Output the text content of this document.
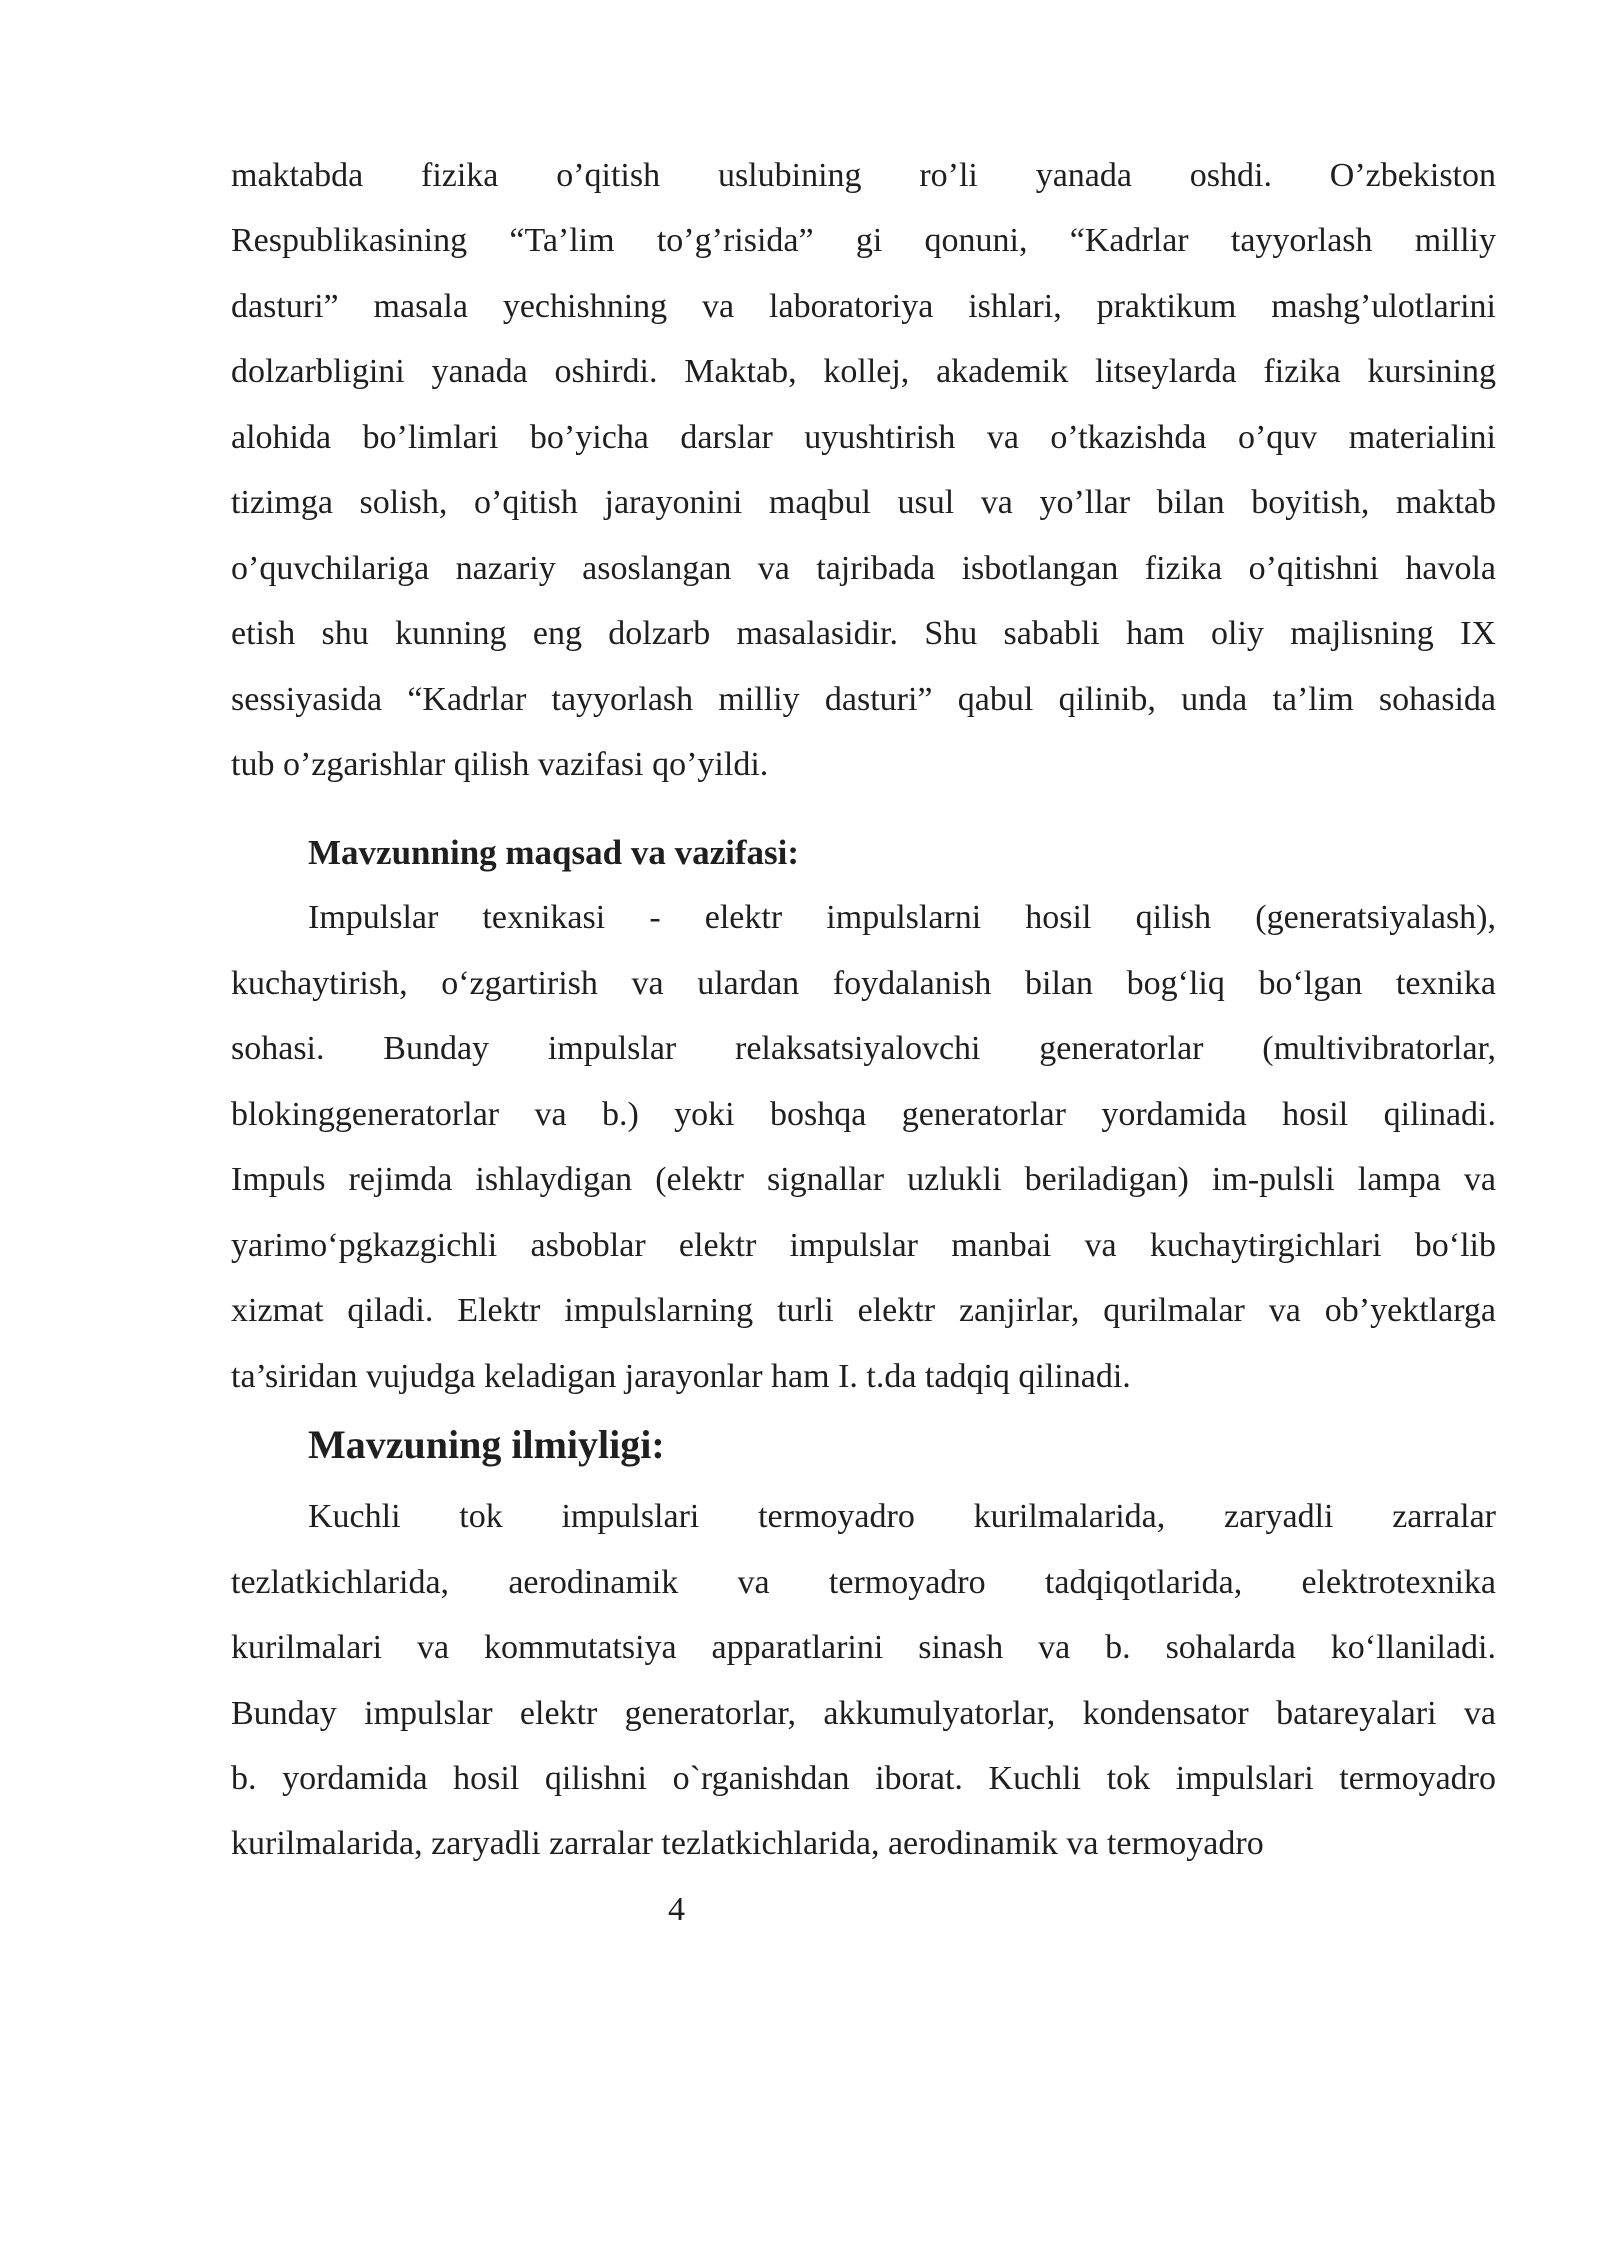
maktabda fizika o’qitish uslubining ro’li yanada oshdi. O’zbekiston
Respublikasining “Ta’lim to’g’risida” gi qonuni, “Kadrlar tayyorlash milliy
dasturi” masala yechishning va laboratoriya ishlari, praktikum mashg’ulotlarini
dolzarbligini yanada oshirdi. Maktab, kollej, akademik litseylarda fizika kursining
alohida bo’limlari bo’yicha darslar uyushtirish va o’tkazishda o’quv materialini
tizimga solish, o’qitish jarayonini maqbul usul va yo’llar bilan boyitish, maktab
o’quvchilariga nazariy asoslangan va tajribada isbotlangan fizika o’qitishni havola
etish shu kunning eng dolzarb masalasidir. Shu sababli ham oliy majlisning IX
sessiyasida “Kadrlar tayyorlash milliy dasturi” qabul qilinib, unda ta’lim sohasida
tub o’zgarishlar qilish vazifasi qo’yildi.
Mavzunning maqsad va vazifasi:
Impulslar texnikasi - elektr impulslarni hosil qilish (generatsiyalash),
kuchaytirish, o‘zgartirish va ulardan foydalanish bilan bog‘liq bo‘lgan texnika
sohasi. Bunday impulslar relaksatsiyalovchi generatorlar (multivibratorlar,
blokinggeneratorlar va b.) yoki boshqa generatorlar yordamida hosil qilinadi.
Impuls rejimda ishlaydigan (elektr signallar uzlukli beriladigan) im-pulsli lampa va
yarimo‘pgkazgichli asboblar elektr impulslar manbai va kuchaytirgichlari bo‘lib
xizmat qiladi. Elektr impulslarning turli elektr zanjirlar, qurilmalar va ob’yektlarga
ta’siridan vujudga keladigan jarayonlar ham I. t.da tadqiq qilinadi.
Mavzuning ilmiyligi:
Kuchli tok impulslari termoyadro kurilmalarida, zaryadli zarralar
tezlatkichlarida, aerodinamik va termoyadro tadqiqotlarida, elektrotexnika
kurilmalari va kommutatsiya apparatlarini sinash va b. sohalarda ko‘llaniladi.
Bunday impulslar elektr generatorlar, akkumulyatorlar, kondensator batareyalari va
b. yordamida hosil qilishni o`rganishdan iborat. Kuchli tok impulslari termoyadro
kurilmalarida, zaryadli zarralar tezlatkichlarida, aerodinamik va termoyadro
4
